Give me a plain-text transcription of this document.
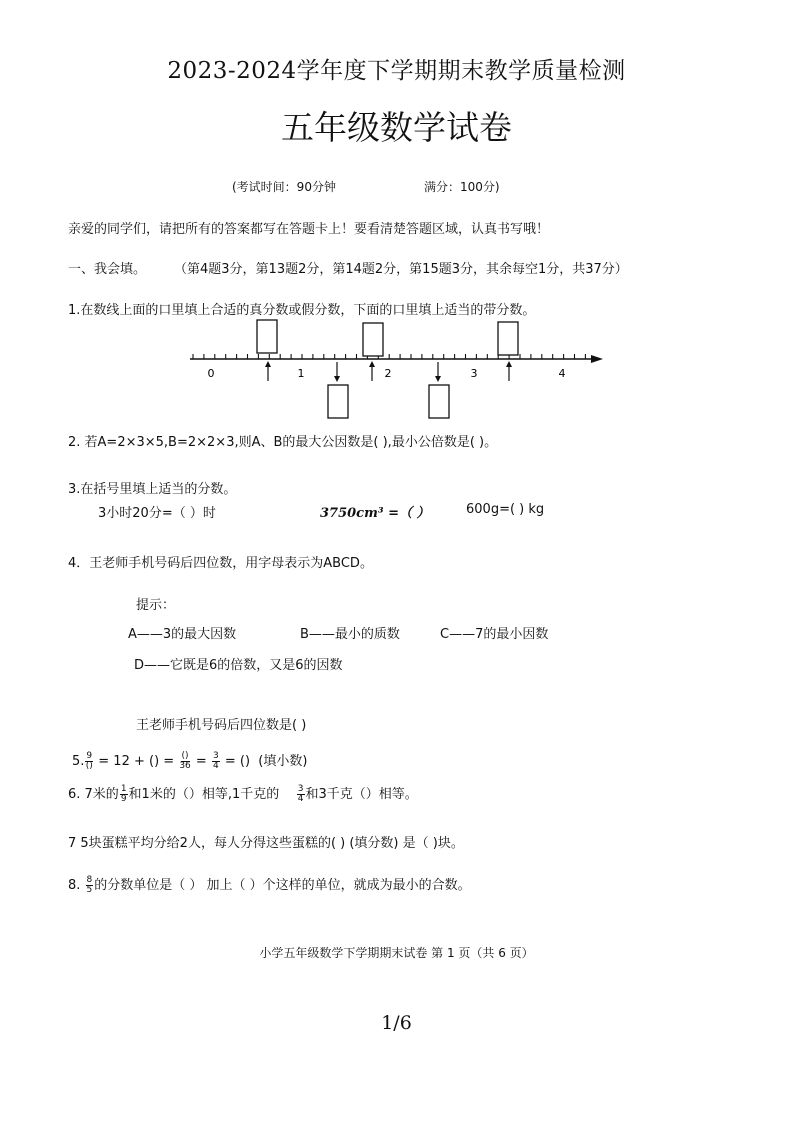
2023-2024学年度下学期期末教学质量检测
五年级数学试卷
(考试时间：90分钟	满分：100分)
亲爱的同学们，请把所有的答案都写在答题卡上！要看清楚答题区域，认真书写哦！
一、我会填。 （第4题3分，第13题2分，第14题2分，第15题3分，其余每空1分，共37分）
1.在数线上面的口里填上合适的真分数或假分数，下面的口里填上适当的带分数。
0	1	2	3	4
2. 若A=2×3×5,B=2×2×3,则A、B的最大公因数是( ),最小公倍数是( )。
3.在括号里填上适当的分数。
3小时20分=（ ）时	3750cm³ =（ ）	600g=( ) kg
4．王老师手机号码后四位数，用字母表示为ABCD。
提示：
A——3的最大因数	B——最小的质数	C——7的最小因数
D——它既是6的倍数，又是6的因数
王老师手机号码后四位数是( )
5. $\frac{9}{()} = 12$ + () = $\frac{()}{36} = \frac{3}{4}$ = () (填小数)
6. 7米的 $\frac{1}{9}$ 和1米的（）相等,1千克的 $\frac{3}{4}$ 和3千克（）相等。
7 5块蛋糕平均分给2人，每人分得这些蛋糕的( ) (填分数) 是（ )块。
8. $\frac{8}{5}$ 的分数单位是（ ） 加上（ ）个这样的单位，就成为最小的合数。
小学五年级数学下学期期末试卷 第 1 页（共 6 页）
1/6
